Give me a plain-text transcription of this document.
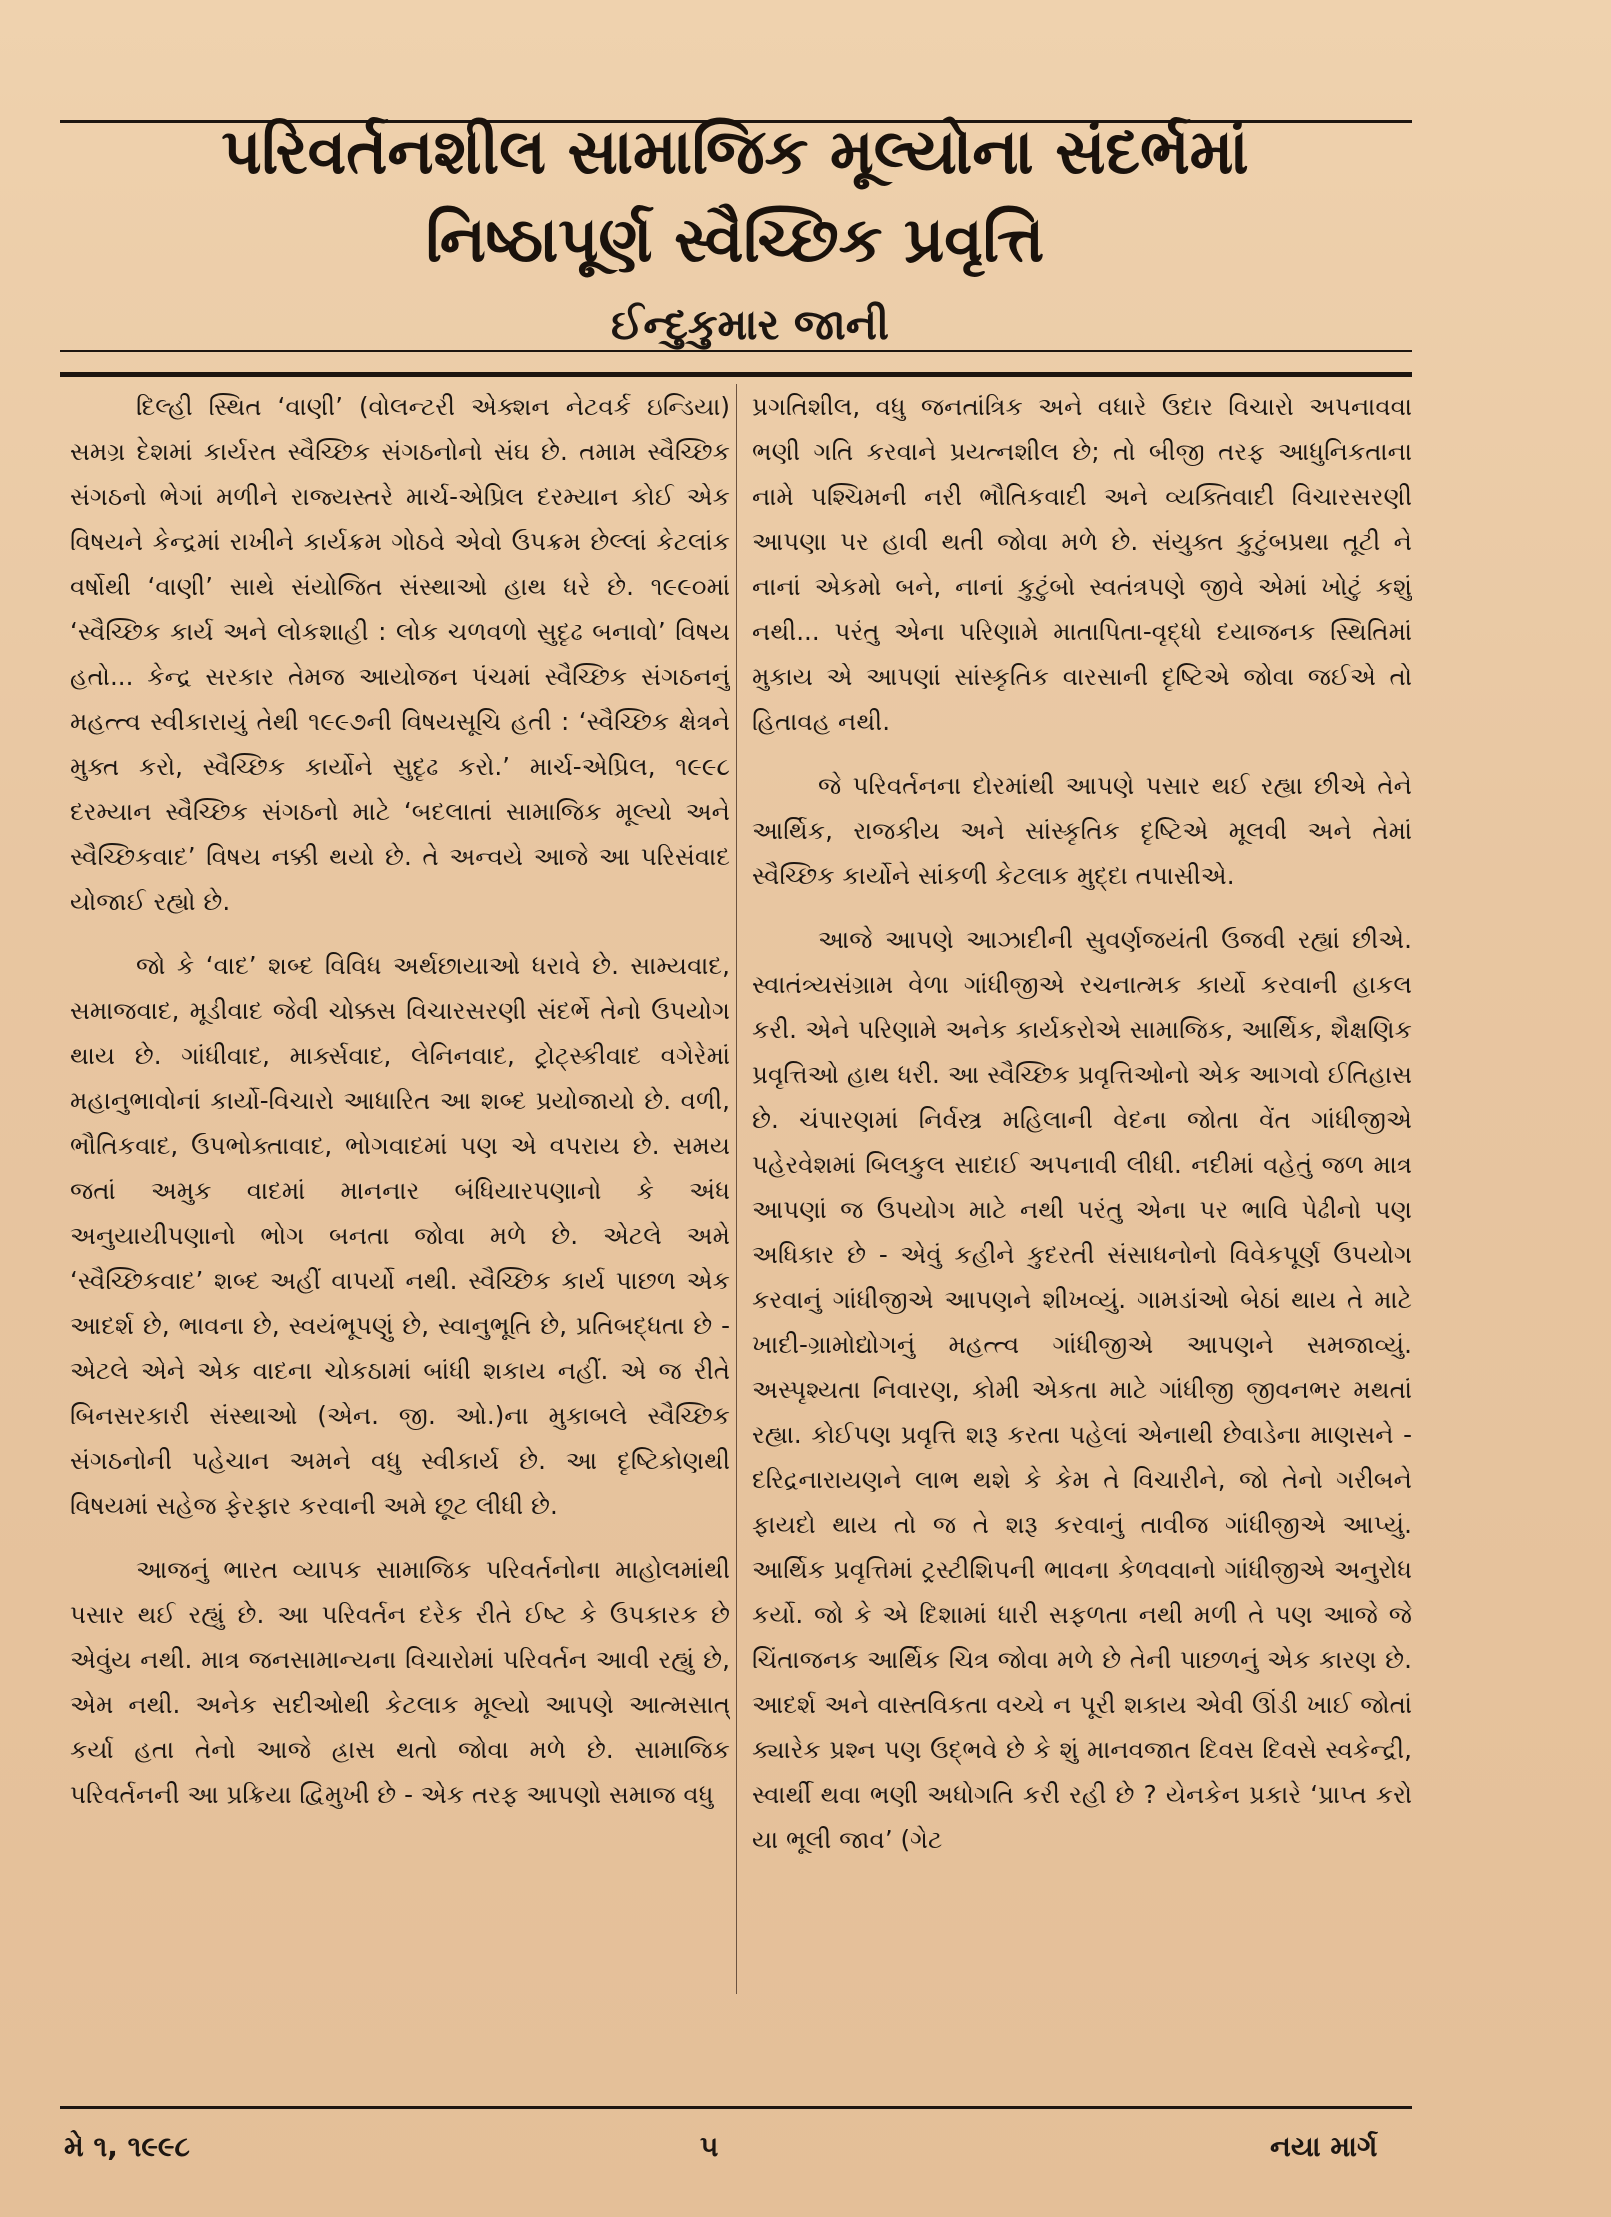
પરિવર્તનશીલ સામાજિક મૂલ્યોના સંદર્ભમાં
નિષ્ઠાપૂર્ણ સ્વૈચ્છિક પ્રવૃત્તિ
ઈન્દુકુમાર જાની

દિલ્હી સ્થિત ‘વાણી’ (વોલન્ટરી એક્શન નેટવર્ક ઇન્ડિયા) સમગ્ર દેશમાં કાર્યરત સ્વૈચ્છિક સંગઠનોનો સંઘ છે. તમામ સ્વૈચ્છિક સંગઠનો ભેગાં મળીને રાજ્યસ્તરે માર્ચ-એપ્રિલ દરમ્યાન કોઈ એક વિષયને કેન્દ્રમાં રાખીને કાર્યક્રમ ગોઠવે એવો ઉપક્રમ છેલ્લાં કેટલાંક વર્ષોથી ‘વાણી’ સાથે સંયોજિત સંસ્થાઓ હાથ ધરે છે. ૧૯૯૦માં ‘સ્વૈચ્છિક કાર્ય અને લોકશાહી : લોક ચળવળો સુદૃઢ બનાવો’ વિષય હતો... કેન્દ્ર સરકાર તેમજ આયોજન પંચમાં સ્વૈચ્છિક સંગઠનનું મહત્ત્વ સ્વીકારાયું તેથી ૧૯૯૭ની વિષયસૂચિ હતી : ‘સ્વૈચ્છિક ક્ષેત્રને મુક્ત કરો, સ્વૈચ્છિક કાર્યોને સુદૃઢ કરો.’ માર્ચ-એપ્રિલ, ૧૯૯૮ દરમ્યાન સ્વૈચ્છિક સંગઠનો માટે ‘બદલાતાં સામાજિક મૂલ્યો અને સ્વૈચ્છિકવાદ’ વિષય નક્કી થયો છે. તે અન્વયે આજે આ પરિસંવાદ યોજાઈ રહ્યો છે.

જો કે ‘વાદ’ શબ્દ વિવિધ અર્થછાયાઓ ધરાવે છે. સામ્યવાદ, સમાજવાદ, મૂડીવાદ જેવી ચોક્કસ વિચારસરણી સંદર્ભે તેનો ઉપયોગ થાય છે. ગાંધીવાદ, માર્ક્સવાદ, લેનિનવાદ, ટ્રોટ્સ્કીવાદ વગેરેમાં મહાનુભાવોનાં કાર્યો-વિચારો આધારિત આ શબ્દ પ્રયોજાયો છે. વળી, ભૌતિકવાદ, ઉપભોક્તાવાદ, ભોગવાદમાં પણ એ વપરાય છે. સમય જતાં અમુક વાદમાં માનનાર બંધિયારપણાનો કે અંધ અનુયાયીપણાનો ભોગ બનતા જોવા મળે છે. એટલે અમે ‘સ્વૈચ્છિકવાદ’ શબ્દ અહીં વાપર્યો નથી. સ્વૈચ્છિક કાર્ય પાછળ એક આદર્શ છે, ભાવના છે, સ્વયંભૂપણું છે, સ્વાનુભૂતિ છે, પ્રતિબદ્ધતા છે - એટલે એને એક વાદના ચોકઠામાં બાંધી શકાય નહીં. એ જ રીતે બિનસરકારી સંસ્થાઓ (એન. જી. ઓ.)ના મુકાબલે સ્વૈચ્છિક સંગઠનોની પહેચાન અમને વધુ સ્વીકાર્ય છે. આ દૃષ્ટિકોણથી વિષયમાં સહેજ ફેરફાર કરવાની અમે છૂટ લીધી છે.

આજનું ભારત વ્યાપક સામાજિક પરિવર્તનોના માહોલમાંથી પસાર થઈ રહ્યું છે. આ પરિવર્તન દરેક રીતે ઈષ્ટ કે ઉપકારક છે એવુંય નથી. માત્ર જનસામાન્યના વિચારોમાં પરિવર્તન આવી રહ્યું છે, એમ નથી. અનેક સદીઓથી કેટલાક મૂલ્યો આપણે આત્મસાત્ કર્યા હતા તેનો આજે હ્રાસ થતો જોવા મળે છે. સામાજિક પરિવર્તનની આ પ્રક્રિયા દ્વિમુખી છે - એક તરફ આપણો સમાજ વધુ

પ્રગતિશીલ, વધુ જનતાંત્રિક અને વધારે ઉદાર વિચારો અપનાવવા ભણી ગતિ કરવાને પ્રયત્નશીલ છે; તો બીજી તરફ આધુનિકતાના નામે પશ્ચિમની નરી ભૌતિકવાદી અને વ્યક્તિવાદી વિચારસરણી આપણા પર હાવી થતી જોવા મળે છે. સંયુક્ત કુટુંબપ્રથા તૂટી ને નાનાં એકમો બને, નાનાં કુટુંબો સ્વતંત્રપણે જીવે એમાં ખોટું કશું નથી... પરંતુ એના પરિણામે માતાપિતા-વૃદ્ધો દયાજનક સ્થિતિમાં મુકાય એ આપણાં સાંસ્કૃતિક વારસાની દૃષ્ટિએ જોવા જઈએ તો હિતાવહ નથી.

જે પરિવર્તનના દોરમાંથી આપણે પસાર થઈ રહ્યા છીએ તેને આર્થિક, રાજકીય અને સાંસ્કૃતિક દૃષ્ટિએ મૂલવી અને તેમાં સ્વૈચ્છિક કાર્યોને સાંકળી કેટલાક મુદ્દા તપાસીએ.

આજે આપણે આઝાદીની સુવર્ણજયંતી ઉજવી રહ્યાં છીએ. સ્વાતંત્ર્યસંગ્રામ વેળા ગાંધીજીએ રચનાત્મક કાર્યો કરવાની હાકલ કરી. એને પરિણામે અનેક કાર્યકરોએ સામાજિક, આર્થિક, શૈક્ષણિક પ્રવૃત્તિઓ હાથ ધરી. આ સ્વૈચ્છિક પ્રવૃત્તિઓનો એક આગવો ઈતિહાસ છે. ચંપારણમાં નિર્વસ્ત્ર મહિલાની વેદના જોતા વેંત ગાંધીજીએ પહેરવેશમાં બિલકુલ સાદાઈ અપનાવી લીધી. નદીમાં વહેતું જળ માત્ર આપણાં જ ઉપયોગ માટે નથી પરંતુ એના પર ભાવિ પેઢીનો પણ અધિકાર છે - એવું કહીને કુદરતી સંસાધનોનો વિવેકપૂર્ણ ઉપયોગ કરવાનું ગાંધીજીએ આપણને શીખવ્યું. ગામડાંઓ બેઠાં થાય તે માટે ખાદી-ગ્રામોદ્યોગનું મહત્ત્વ ગાંધીજીએ આપણને સમજાવ્યું. અસ્પૃશ્યતા નિવારણ, કોમી એકતા માટે ગાંધીજી જીવનભર મથતાં રહ્યા. કોઈપણ પ્રવૃત્તિ શરૂ કરતા પહેલાં એનાથી છેવાડેના માણસને - દરિદ્રનારાયણને લાભ થશે કે કેમ તે વિચારીને, જો તેનો ગરીબને ફાયદો થાય તો જ તે શરૂ કરવાનું તાવીજ ગાંધીજીએ આપ્યું. આર્થિક પ્રવૃત્તિમાં ટ્રસ્ટીશિપની ભાવના કેળવવાનો ગાંધીજીએ અનુરોધ કર્યો. જો કે એ દિશામાં ધારી સફળતા નથી મળી તે પણ આજે જે ચિંતાજનક આર્થિક ચિત્ર જોવા મળે છે તેની પાછળનું એક કારણ છે. આદર્શ અને વાસ્તવિકતા વચ્ચે ન પૂરી શકાય એવી ઊંડી ખાઈ જોતાં ક્યારેક પ્રશ્ન પણ ઉદ્ભવે છે કે શું માનવજાત દિવસ દિવસે સ્વકેન્દ્રી, સ્વાર્થી થવા ભણી અધોગતિ કરી રહી છે ? યેનકેન પ્રકારે ‘પ્રાપ્ત કરો યા ભૂલી જાવ’ (ગેટ

મે ૧, ૧૯૯૮	૫	નયા માર્ગ
